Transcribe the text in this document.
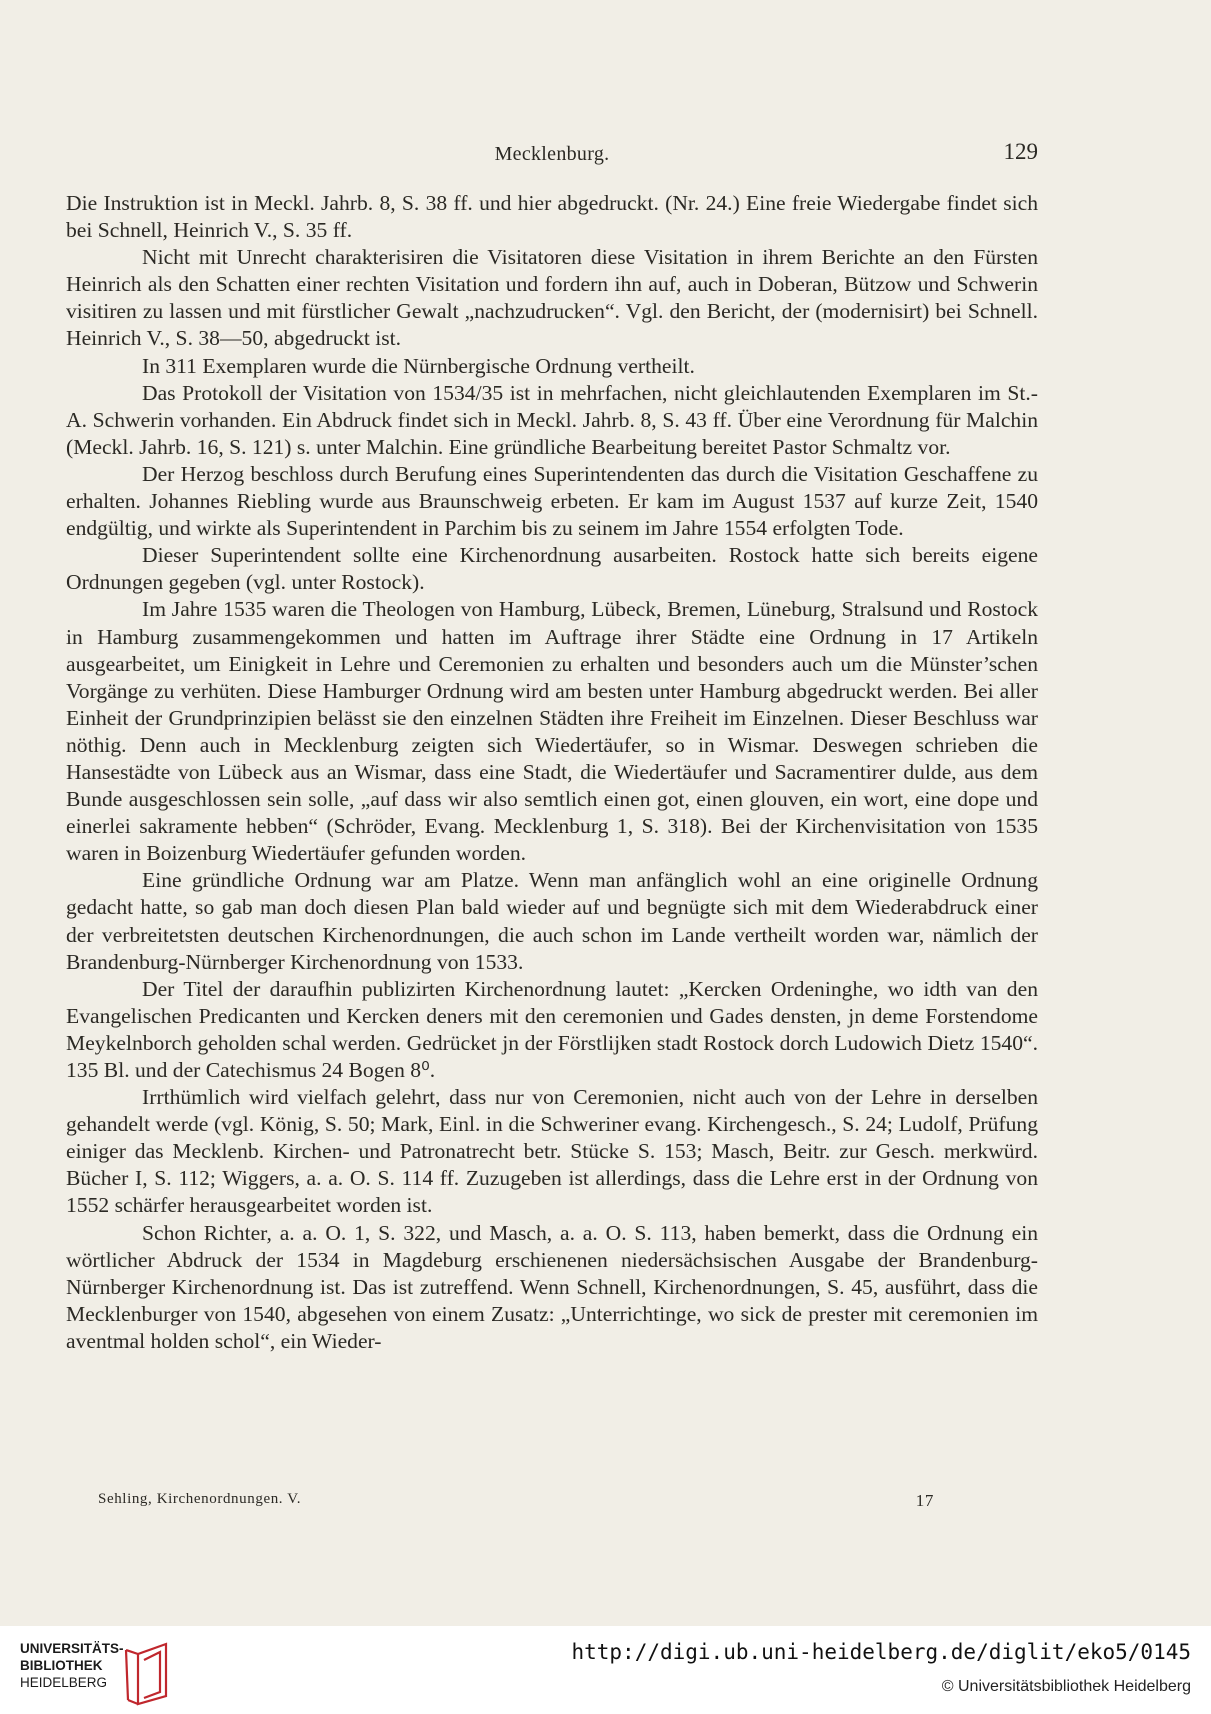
Mecklenburg.	129

Die Instruktion ist in Meckl. Jahrb. 8, S. 38 ff. und hier abgedruckt. (Nr. 24.) Eine freie Wiedergabe findet sich bei Schnell, Heinrich V., S. 35 ff.

Nicht mit Unrecht charakterisiren die Visitatoren diese Visitation in ihrem Berichte an den Fürsten Heinrich als den Schatten einer rechten Visitation und fordern ihn auf, auch in Doberan, Bützow und Schwerin visitiren zu lassen und mit fürstlicher Gewalt „nachzudrucken“. Vgl. den Bericht, der (modernisirt) bei Schnell. Heinrich V., S. 38—50, abgedruckt ist.

In 311 Exemplaren wurde die Nürnbergische Ordnung vertheilt.

Das Protokoll der Visitation von 1534/35 ist in mehrfachen, nicht gleichlautenden Exemplaren im St.-A. Schwerin vorhanden. Ein Abdruck findet sich in Meckl. Jahrb. 8, S. 43 ff. Über eine Verordnung für Malchin (Meckl. Jahrb. 16, S. 121) s. unter Malchin. Eine gründliche Bearbeitung bereitet Pastor Schmaltz vor.

Der Herzog beschloss durch Berufung eines Superintendenten das durch die Visitation Geschaffene zu erhalten. Johannes Riebling wurde aus Braunschweig erbeten. Er kam im August 1537 auf kurze Zeit, 1540 endgültig, und wirkte als Superintendent in Parchim bis zu seinem im Jahre 1554 erfolgten Tode.

Dieser Superintendent sollte eine Kirchenordnung ausarbeiten. Rostock hatte sich bereits eigene Ordnungen gegeben (vgl. unter Rostock).

Im Jahre 1535 waren die Theologen von Hamburg, Lübeck, Bremen, Lüneburg, Stralsund und Rostock in Hamburg zusammengekommen und hatten im Auftrage ihrer Städte eine Ordnung in 17 Artikeln ausgearbeitet, um Einigkeit in Lehre und Ceremonien zu erhalten und besonders auch um die Münster’schen Vorgänge zu verhüten. Diese Hamburger Ordnung wird am besten unter Hamburg abgedruckt werden. Bei aller Einheit der Grundprinzipien belässt sie den einzelnen Städten ihre Freiheit im Einzelnen. Dieser Beschluss war nöthig. Denn auch in Mecklenburg zeigten sich Wiedertäufer, so in Wismar. Deswegen schrieben die Hansestädte von Lübeck aus an Wismar, dass eine Stadt, die Wiedertäufer und Sacramentirer dulde, aus dem Bunde ausgeschlossen sein solle, „auf dass wir also semtlich einen got, einen glouven, ein wort, eine dope und einerlei sakramente hebben“ (Schröder, Evang. Mecklenburg 1, S. 318). Bei der Kirchenvisitation von 1535 waren in Boizenburg Wiedertäufer gefunden worden.

Eine gründliche Ordnung war am Platze. Wenn man anfänglich wohl an eine originelle Ordnung gedacht hatte, so gab man doch diesen Plan bald wieder auf und begnügte sich mit dem Wiederabdruck einer der verbreitetsten deutschen Kirchenordnungen, die auch schon im Lande vertheilt worden war, nämlich der Brandenburg-Nürnberger Kirchenordnung von 1533.

Der Titel der daraufhin publizirten Kirchenordnung lautet: „Kercken Ordeninghe, wo idth van den Evangelischen Predicanten und Kercken deners mit den ceremonien und Gades densten, jn deme Forstendome Meykelnborch geholden schal werden. Gedrücket jn der Förstlijken stadt Rostock dorch Ludowich Dietz 1540“. 135 Bl. und der Catechismus 24 Bogen 8⁰.

Irrthümlich wird vielfach gelehrt, dass nur von Ceremonien, nicht auch von der Lehre in derselben gehandelt werde (vgl. König, S. 50; Mark, Einl. in die Schweriner evang. Kirchengesch., S. 24; Ludolf, Prüfung einiger das Mecklenb. Kirchen- und Patronatrecht betr. Stücke S. 153; Masch, Beitr. zur Gesch. merkwürd. Bücher I, S. 112; Wiggers, a. a. O. S. 114 ff. Zuzugeben ist allerdings, dass die Lehre erst in der Ordnung von 1552 schärfer herausgearbeitet worden ist.

Schon Richter, a. a. O. 1, S. 322, und Masch, a. a. O. S. 113, haben bemerkt, dass die Ordnung ein wörtlicher Abdruck der 1534 in Magdeburg erschienenen niedersächsischen Ausgabe der Brandenburg-Nürnberger Kirchenordnung ist. Das ist zutreffend. Wenn Schnell, Kirchenordnungen, S. 45, ausführt, dass die Mecklenburger von 1540, abgesehen von einem Zusatz: „Unterrichtinge, wo sick de prester mit ceremonien im aventmal holden schol“, ein Wieder-

Sehling, Kirchenordnungen. V.	17
UNIVERSITÄTS-
BIBLIOTHEK
HEIDELBERG
http://digi.ub.uni-heidelberg.de/diglit/eko5/0145
© Universitätsbibliothek Heidelberg
